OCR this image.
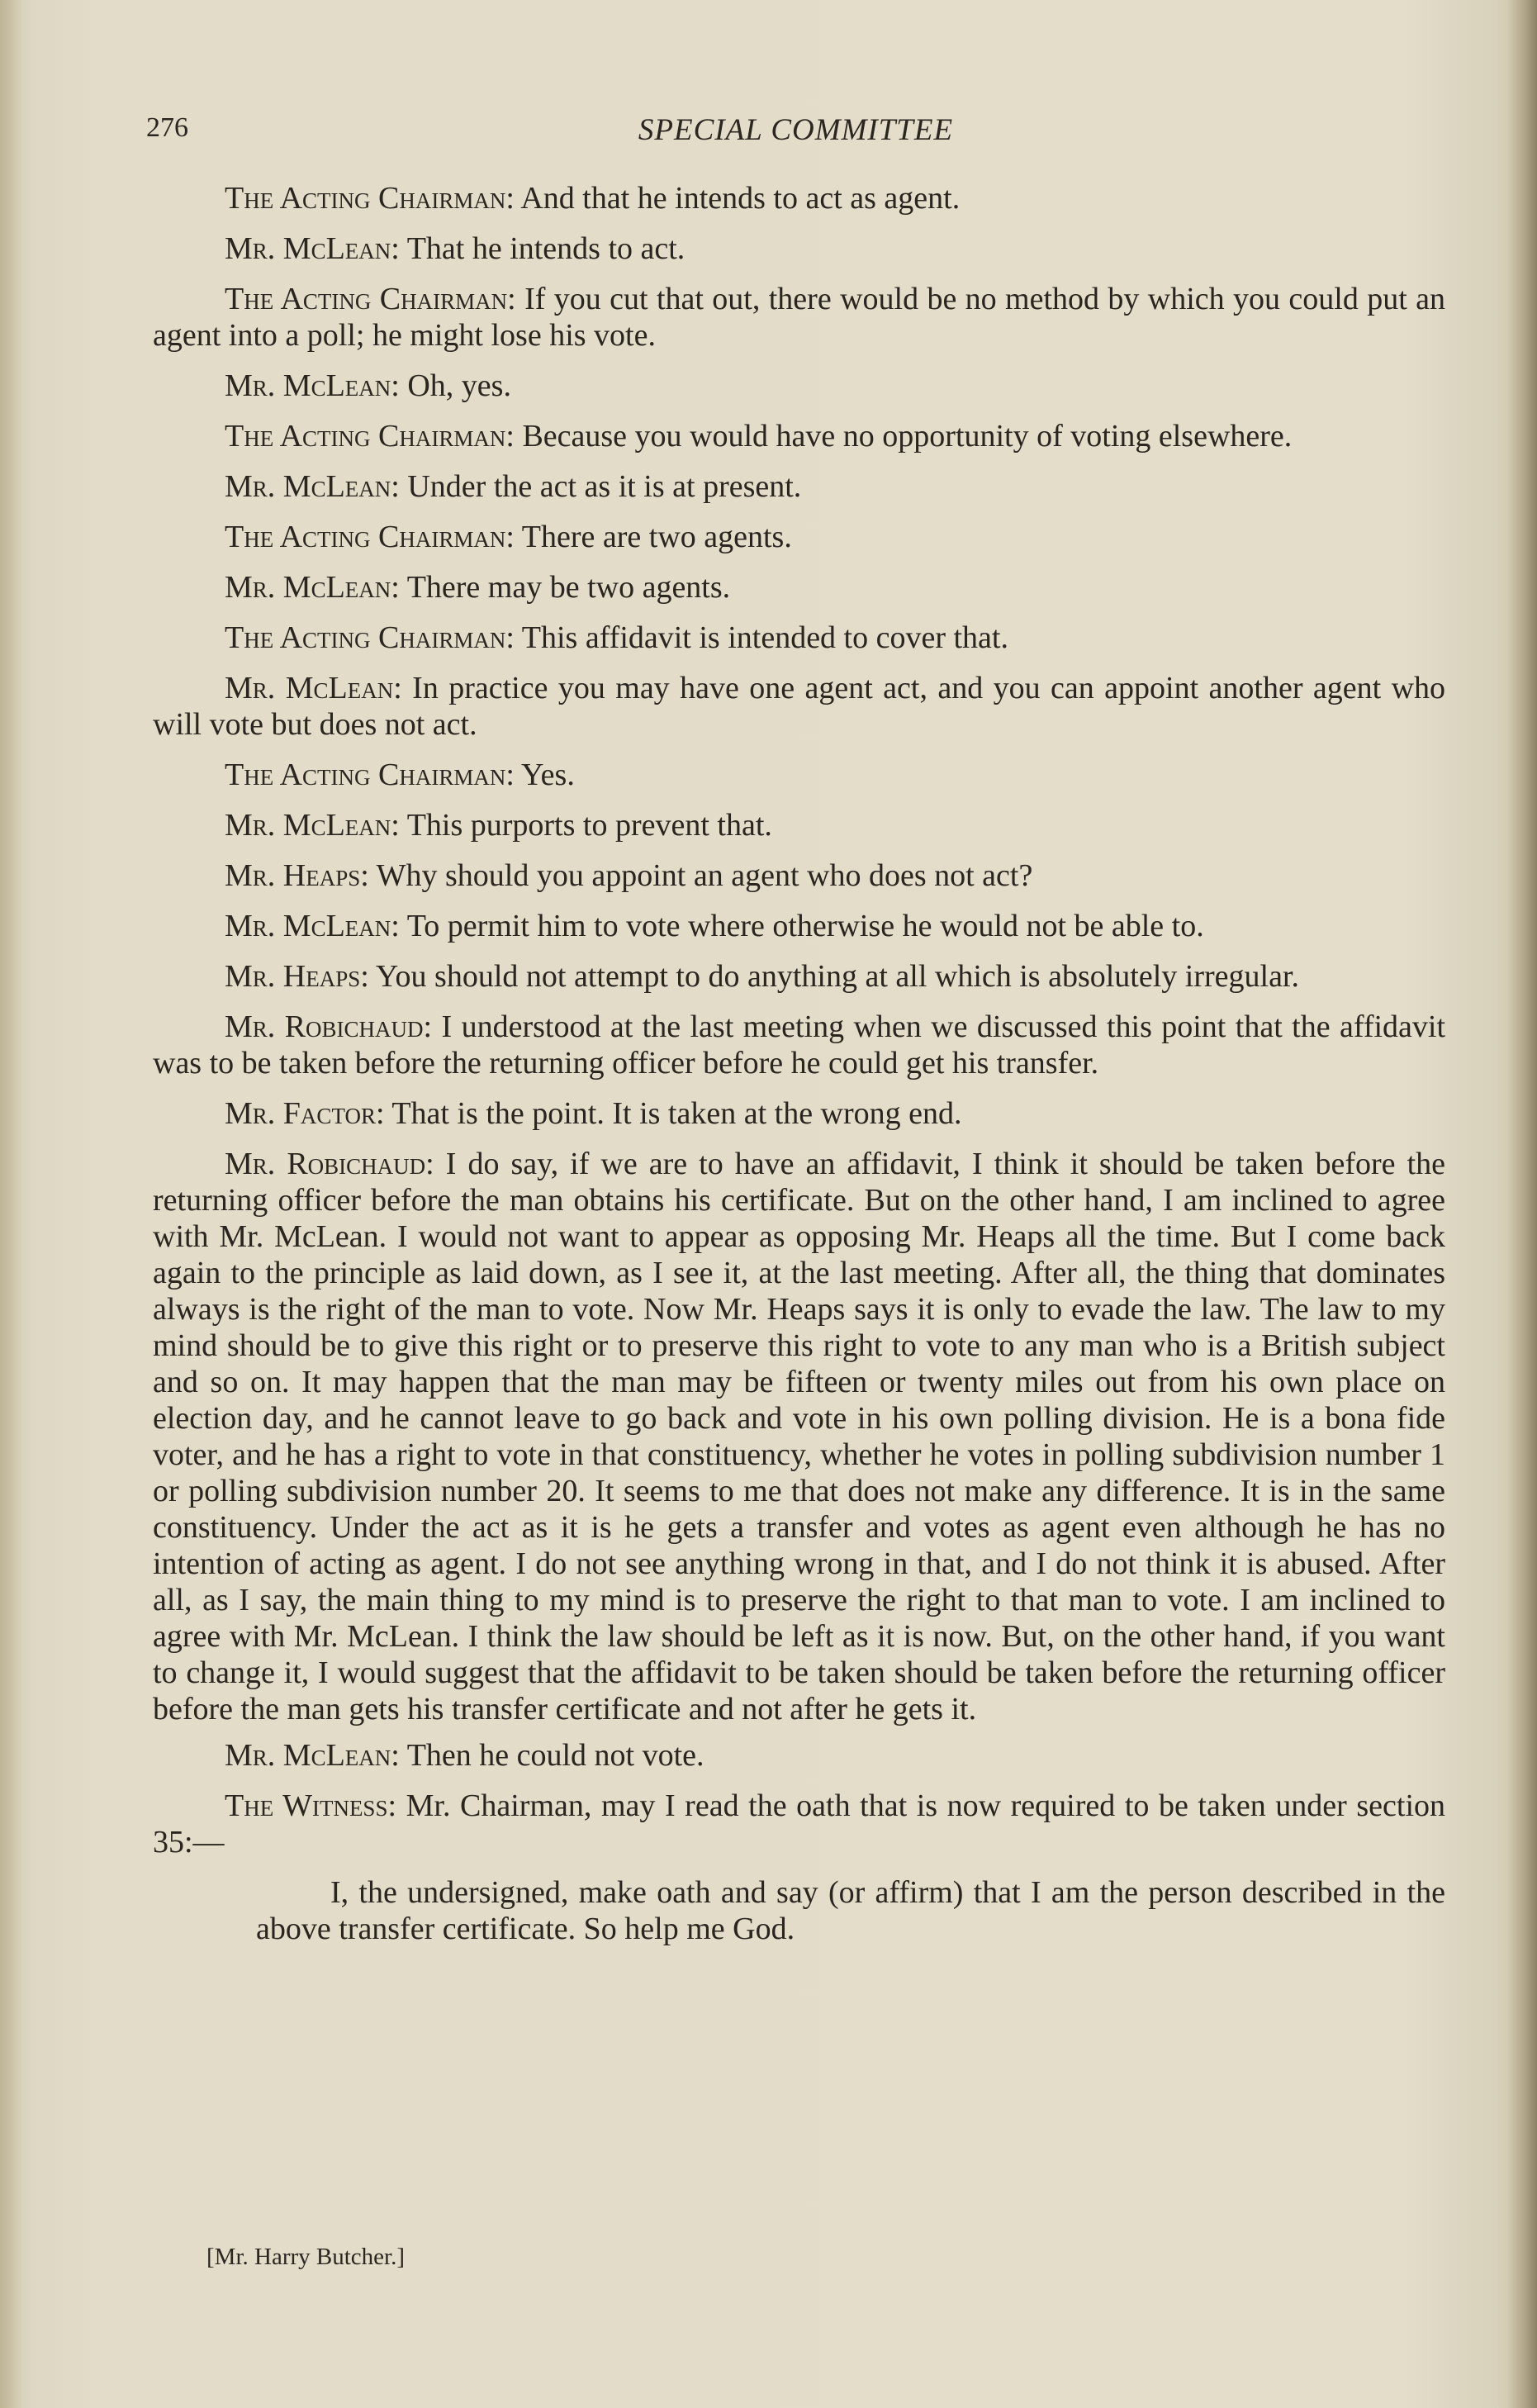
276	SPECIAL COMMITTEE

The Acting Chairman: And that he intends to act as agent.

Mr. McLean: That he intends to act.

The Acting Chairman: If you cut that out, there would be no method by which you could put an agent into a poll; he might lose his vote.

Mr. McLean: Oh, yes.

The Acting Chairman: Because you would have no opportunity of voting elsewhere.

Mr. McLean: Under the act as it is at present.

The Acting Chairman: There are two agents.

Mr. McLean: There may be two agents.

The Acting Chairman: This affidavit is intended to cover that.

Mr. McLean: In practice you may have one agent act, and you can appoint another agent who will vote but does not act.

The Acting Chairman: Yes.

Mr. McLean: This purports to prevent that.

Mr. Heaps: Why should you appoint an agent who does not act?

Mr. McLean: To permit him to vote where otherwise he would not be able to.

Mr. Heaps: You should not attempt to do anything at all which is absolutely irregular.

Mr. Robichaud: I understood at the last meeting when we discussed this point that the affidavit was to be taken before the returning officer before he could get his transfer.

Mr. Factor: That is the point. It is taken at the wrong end.

Mr. Robichaud: I do say, if we are to have an affidavit, I think it should be taken before the returning officer before the man obtains his certificate. But on the other hand, I am inclined to agree with Mr. McLean. I would not want to appear as opposing Mr. Heaps all the time. But I come back again to the principle as laid down, as I see it, at the last meeting. After all, the thing that dominates always is the right of the man to vote. Now Mr. Heaps says it is only to evade the law. The law to my mind should be to give this right or to preserve this right to vote to any man who is a British subject and so on. It may happen that the man may be fifteen or twenty miles out from his own place on election day, and he cannot leave to go back and vote in his own polling division. He is a bona fide voter, and he has a right to vote in that constituency, whether he votes in polling subdivision number 1 or polling subdivision number 20. It seems to me that does not make any difference. It is in the same constituency. Under the act as it is he gets a transfer and votes as agent even although he has no intention of acting as agent. I do not see anything wrong in that, and I do not think it is abused. After all, as I say, the main thing to my mind is to preserve the right to that man to vote. I am inclined to agree with Mr. McLean. I think the law should be left as it is now. But, on the other hand, if you want to change it, I would suggest that the affidavit to be taken should be taken before the returning officer before the man gets his transfer certificate and not after he gets it.

Mr. McLean: Then he could not vote.

The Witness: Mr. Chairman, may I read the oath that is now required to be taken under section 35:—

I, the undersigned, make oath and say (or affirm) that I am the person described in the above transfer certificate. So help me God.

[Mr. Harry Butcher.]
